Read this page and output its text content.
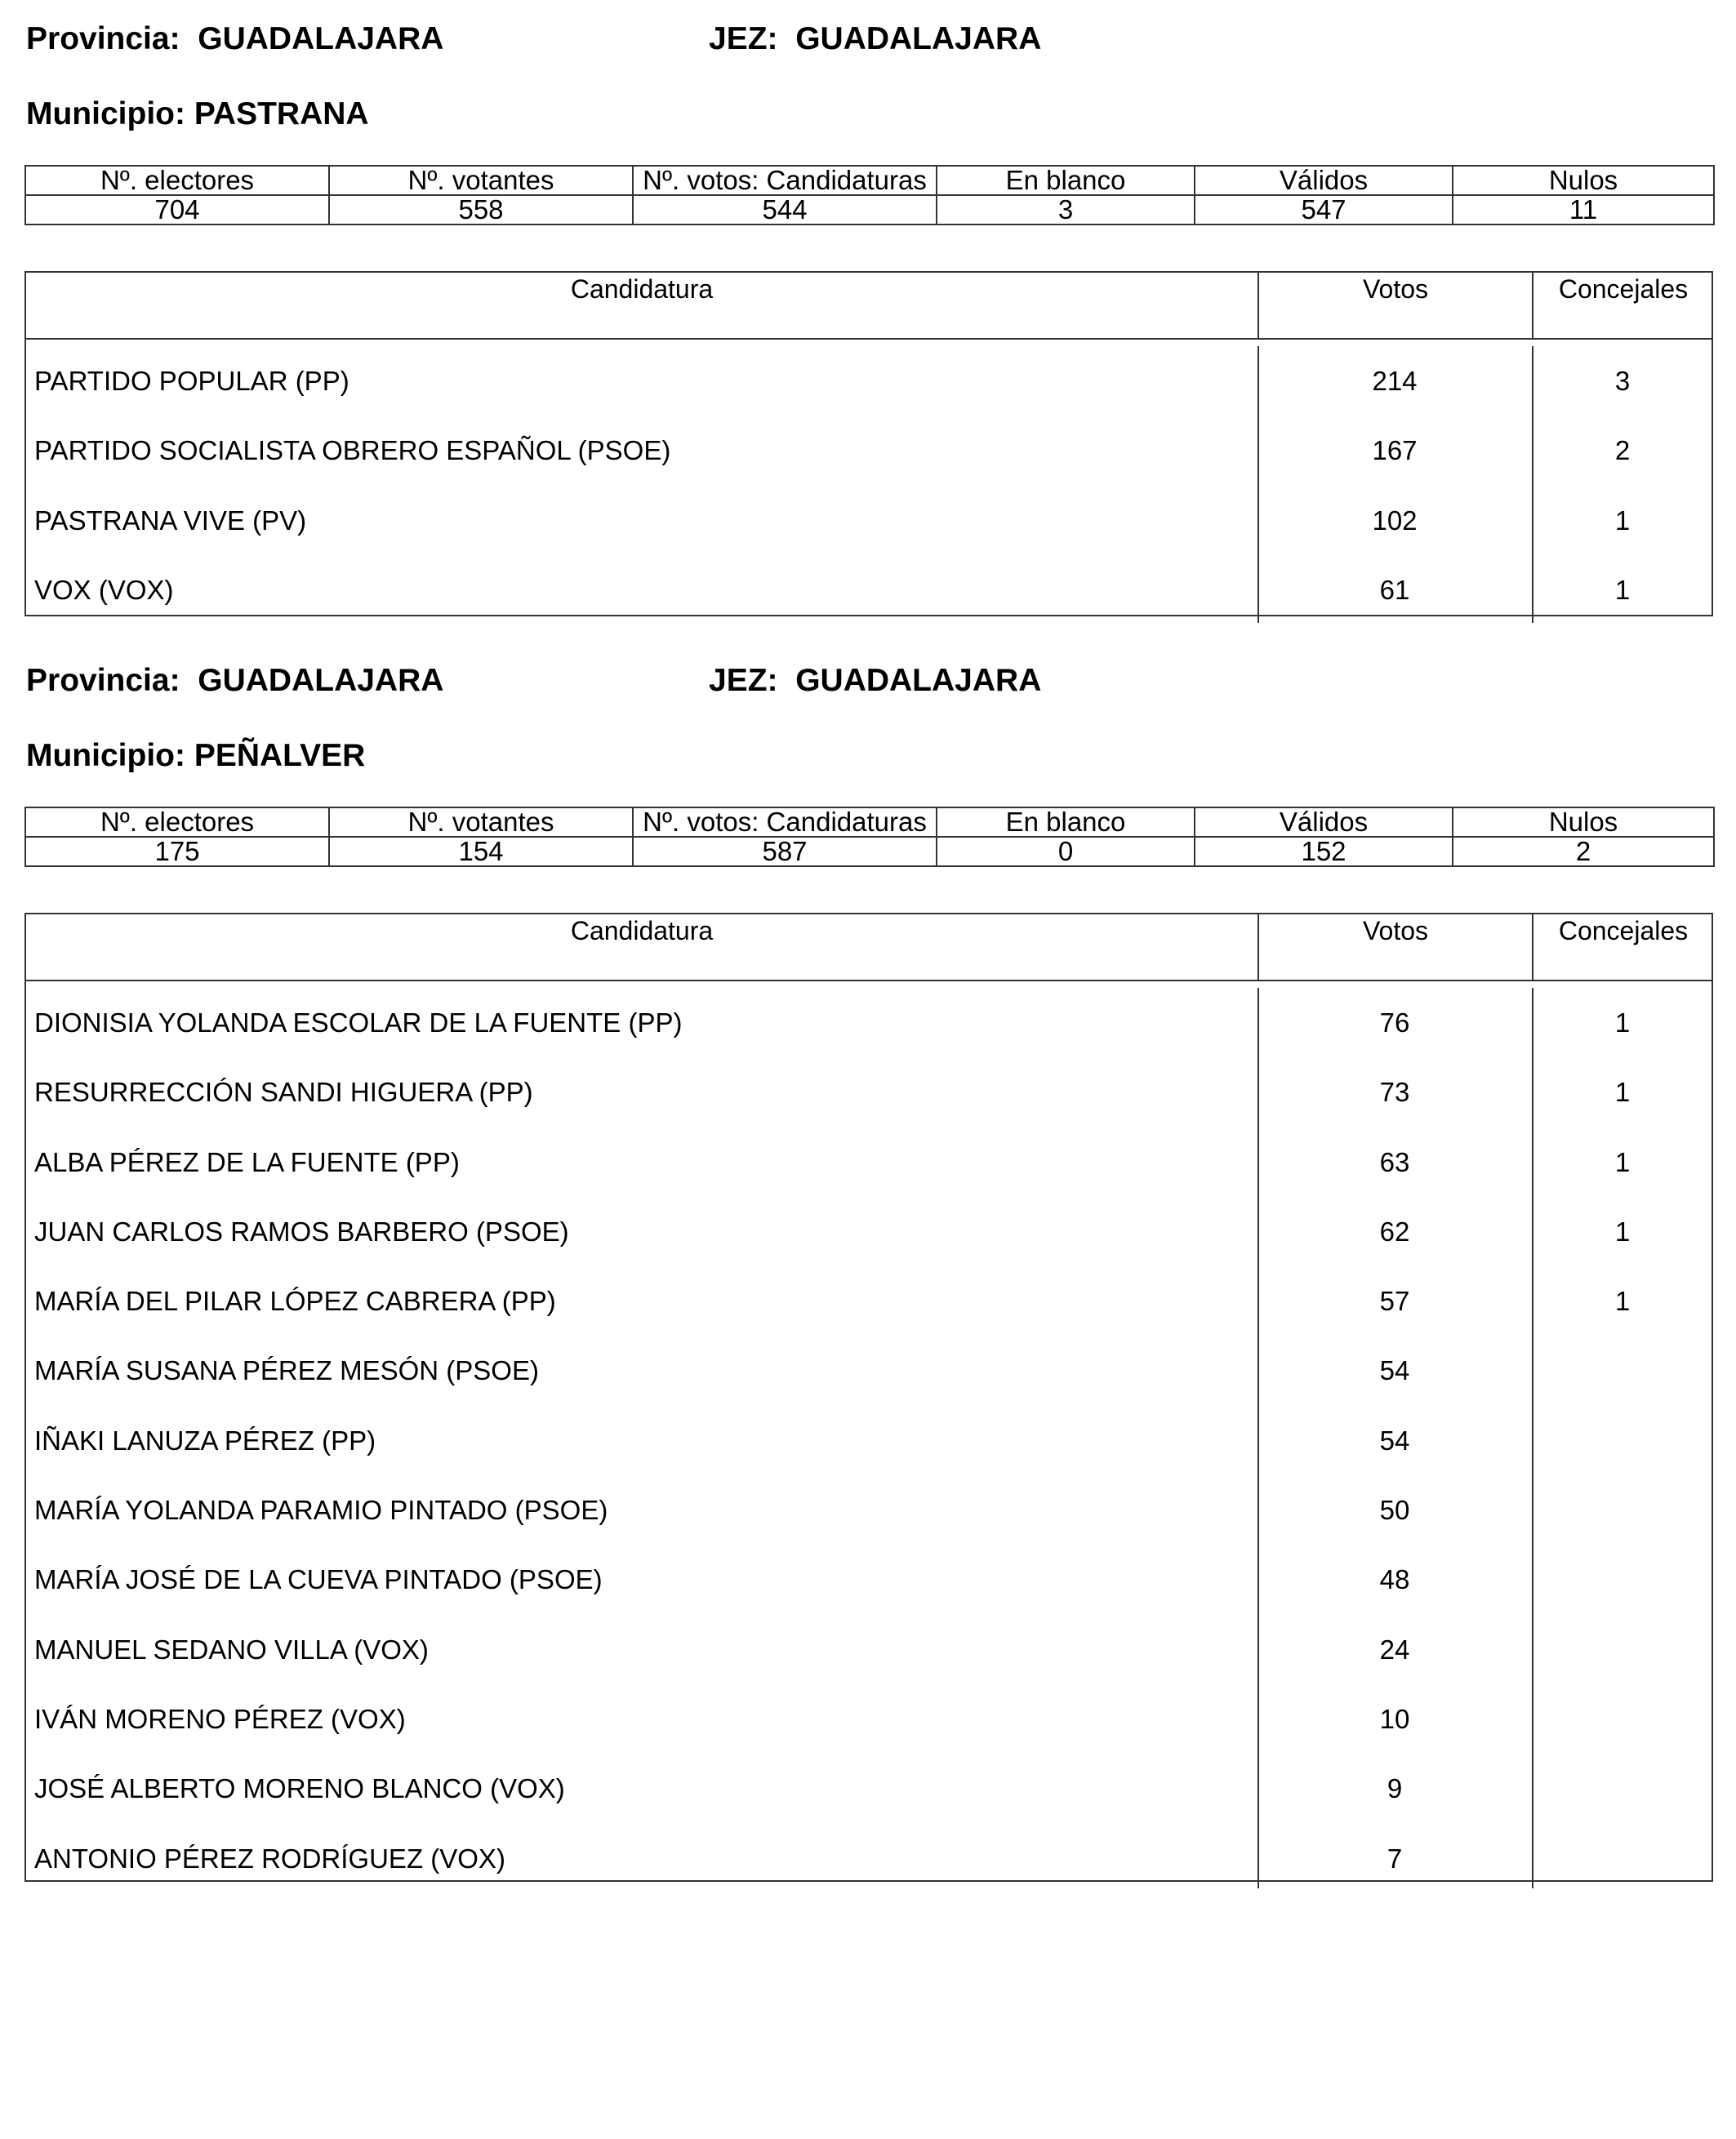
Provincia: GUADALAJARA	JEZ: GUADALAJARA
Municipio: PASTRANA
Nº. electores	Nº. votantes	Nº. votos: Candidaturas	En blanco	Válidos	Nulos
704	558	544	3	547	11
Candidatura	Votos	Concejales
PARTIDO POPULAR (PP)	214	3
PARTIDO SOCIALISTA OBRERO ESPAÑOL (PSOE)	167	2
PASTRANA VIVE (PV)	102	1
VOX (VOX)	61	1
Provincia: GUADALAJARA	JEZ: GUADALAJARA
Municipio: PEÑALVER
Nº. electores	Nº. votantes	Nº. votos: Candidaturas	En blanco	Válidos	Nulos
175	154	587	0	152	2
Candidatura	Votos	Concejales
DIONISIA YOLANDA ESCOLAR DE LA FUENTE (PP)	76	1
RESURRECCIÓN SANDI HIGUERA (PP)	73	1
ALBA PÉREZ DE LA FUENTE (PP)	63	1
JUAN CARLOS RAMOS BARBERO (PSOE)	62	1
MARÍA DEL PILAR LÓPEZ CABRERA (PP)	57	1
MARÍA SUSANA PÉREZ MESÓN (PSOE)	54
IÑAKI LANUZA PÉREZ (PP)	54
MARÍA YOLANDA PARAMIO PINTADO (PSOE)	50
MARÍA JOSÉ DE LA CUEVA PINTADO (PSOE)	48
MANUEL SEDANO VILLA (VOX)	24
IVÁN MORENO PÉREZ (VOX)	10
JOSÉ ALBERTO MORENO BLANCO (VOX)	9
ANTONIO PÉREZ RODRÍGUEZ (VOX)	7
